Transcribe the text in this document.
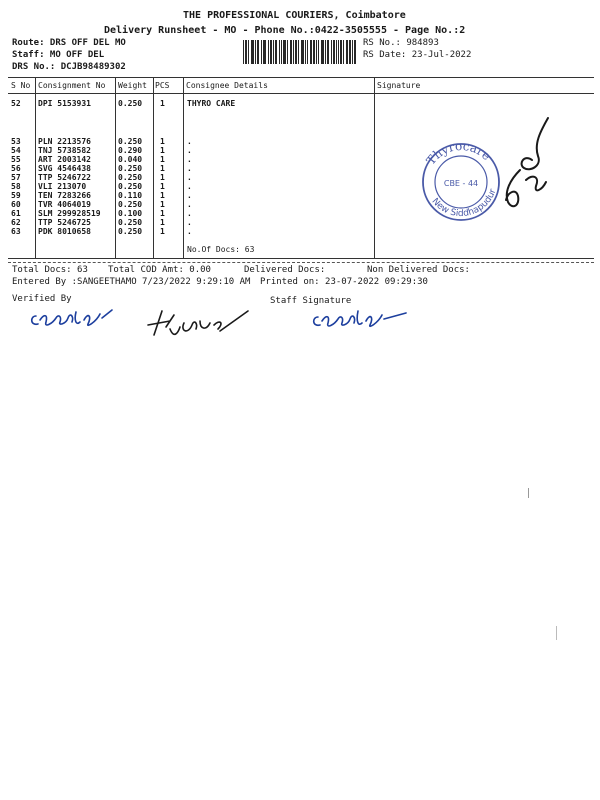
THE PROFESSIONAL COURIERS, Coimbatore
Delivery Runsheet - MO - Phone No.:0422-3505555 - Page No.:2
Route: DRS OFF DEL MO
Staff: MO OFF DEL
DRS No.: DCJB98489302
RS No.: 984893
RS Date: 23-Jul-2022
S No Consignment No Weight PCS Consignee Details	Signature
52 DPI 5153931	0.250 1	THYRO CARE
53 PLN 2213576	0.250 1	.
54 TNJ 5738582	0.290 1	.
55 ART 2003142	0.040 1	.
56 SVG 4546438	0.250 1	.
57 TTP 5246722	0.250 1	.
58 VLI 213070	0.250 1	.
59 TEN 7283266	0.110 1	.
60 TVR 4064019	0.250 1	.
61 SLM 299928519 0.100 1	.
62 TTP 5246725	0.250 1	.
63 PDK 8010658	0.250 1	.
No.Of Docs: 63
Thyrocare
CBE - 44
New Siddhapudur
Total Docs: 63 Total COD Amt: 0.00	Delivered Docs:	Non Delivered Docs:
Entered By :SANGEETHAMO 7/23/2022 9:29:10 AM Printed on: 23-07-2022 09:29:30
Verified By	Staff Signature
